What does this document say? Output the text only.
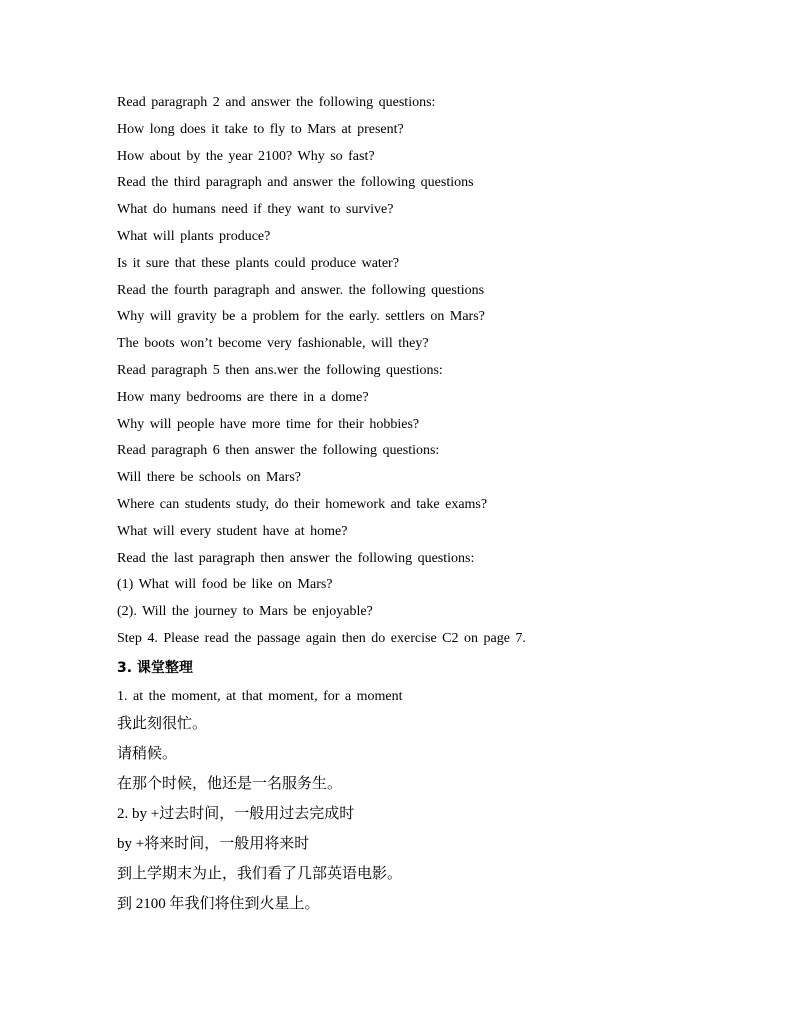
Read paragraph 2 and answer the following questions:
How long does it take to fly to Mars at present?
How about by the year 2100? Why so fast?
Read the third paragraph and answer the following questions
What do humans need if they want to survive?
What will plants produce?
Is it sure that these plants could produce water?
Read the fourth paragraph and answer. the following questions
Why will gravity be a problem for the early. settlers on Mars?
The boots won’t become very fashionable, will they?
Read paragraph 5 then ans.wer the following questions:
How many bedrooms are there in a dome?
Why will people have more time for their hobbies?
Read paragraph 6 then answer the following questions:
Will there be schools on Mars?
Where can students study, do their homework and take exams?
What will every student have at home?
Read the last paragraph then answer the following questions:
(1) What will food be like on Mars?
(2). Will the journey to Mars be enjoyable?
Step 4. Please read the passage again then do exercise C2 on page 7.
3. 课堂整理
1. at the moment, at that moment, for a moment
我此刻很忙。
请稍候。
在那个时候，他还是一名服务生。
2. by +过去时间，一般用过去完成时
by +将来时间，一般用将来时
到上学期末为止，我们看了几部英语电影。
到 2100 年我们将住到火星上。
